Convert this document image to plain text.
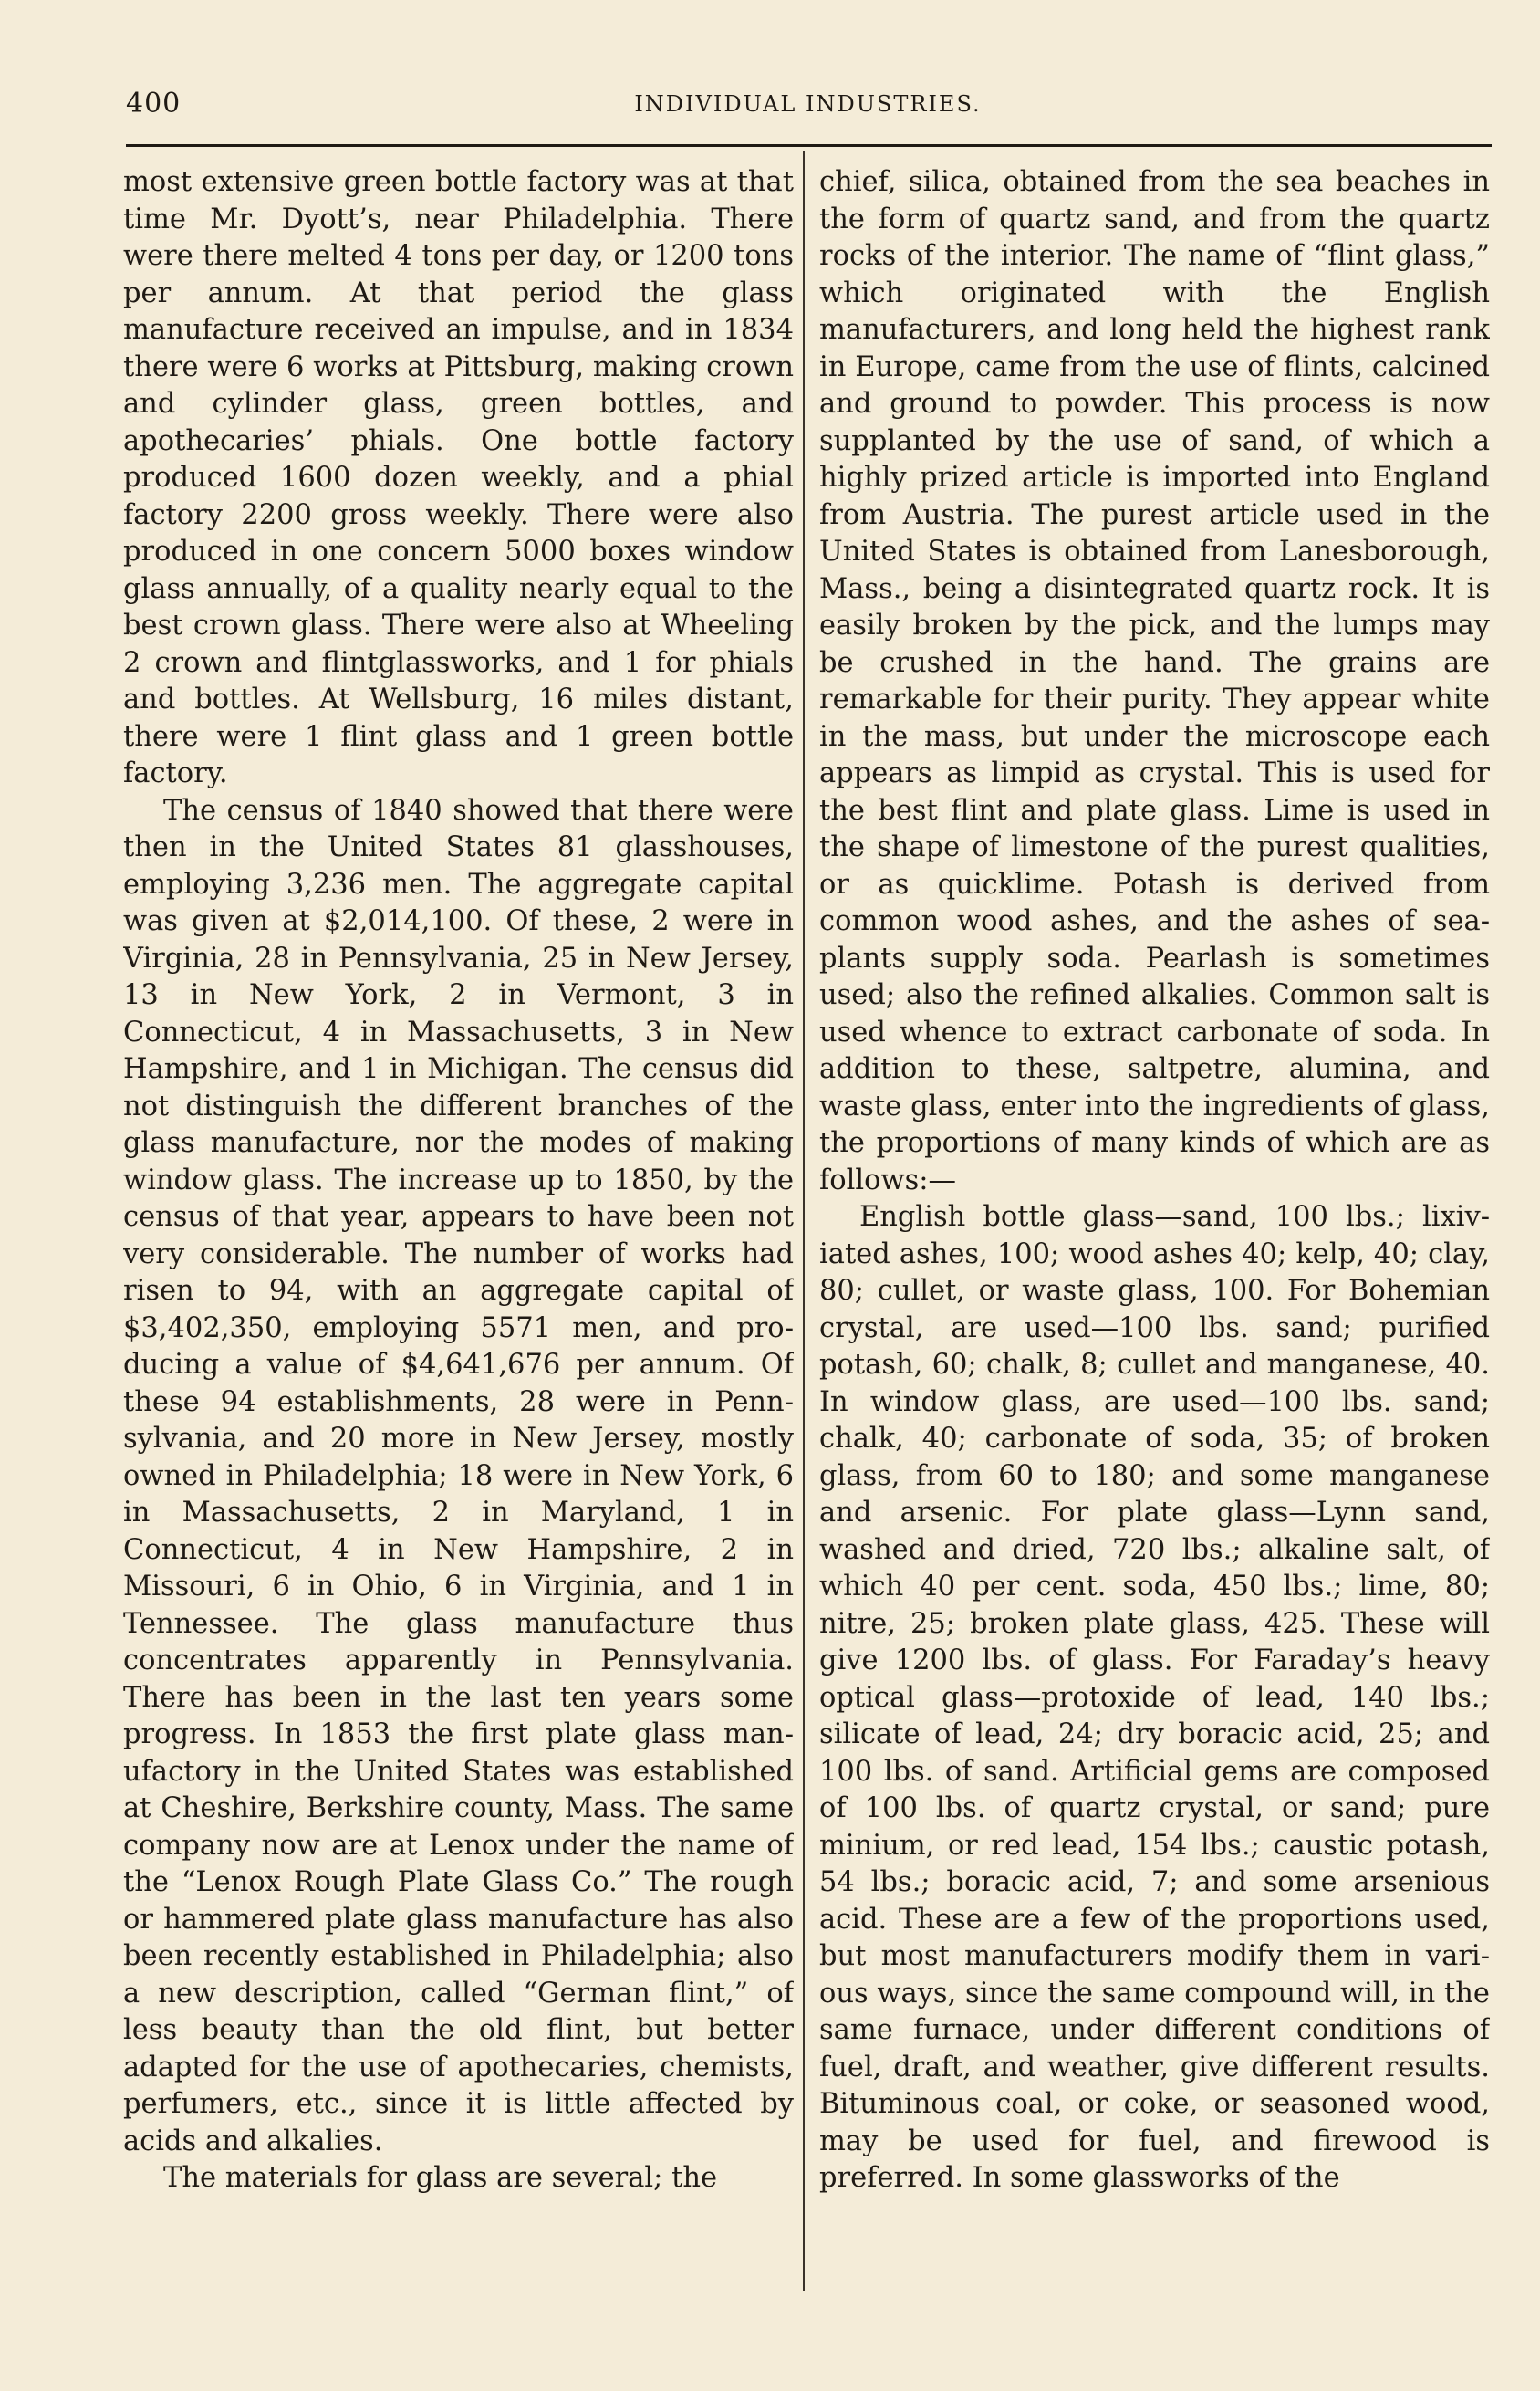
400	INDIVIDUAL INDUSTRIES.

most extensive green bottle factory was at that time Mr. Dyott’s, near Philadelphia. There were there melted 4 tons per day, or 1200 tons per annum. At that period the glass manufacture received an impulse, and in 1834 there were 6 works at Pittsburg, making crown and cylinder glass, green bottles, and apothecaries’ phials. One bottle factory produced 1600 dozen weekly, and a phial factory 2200 gross weekly. There were also produced in one concern 5000 boxes window glass annually, of a quality nearly equal to the best crown glass. There were also at Wheeling 2 crown and flintglassworks, and 1 for phials and bottles. At Wellsburg, 16 miles distant, there were 1 flint glass and 1 green bottle factory.

The census of 1840 showed that there were then in the United States 81 glasshouses, employing 3,236 men. The aggregate capital was given at $2,014,100. Of these, 2 were in Virginia, 28 in Pennsylvania, 25 in New Jersey, 13 in New York, 2 in Vermont, 3 in Connecticut, 4 in Massachusetts, 3 in New Hampshire, and 1 in Michigan. The census did not distinguish the different branches of the glass manufacture, nor the modes of making window glass. The increase up to 1850, by the census of that year, appears to have been not very considerable. The number of works had risen to 94, with an aggregate capital of $3,402,350, employing 5571 men, and producing a value of $4,641,676 per annum. Of these 94 establishments, 28 were in Pennsylvania, and 20 more in New Jersey, mostly owned in Philadelphia; 18 were in New York, 6 in Massachusetts, 2 in Maryland, 1 in Connecticut, 4 in New Hampshire, 2 in Missouri, 6 in Ohio, 6 in Virginia, and 1 in Tennessee. The glass manufacture thus concentrates apparently in Pennsylvania. There has been in the last ten years some progress. In 1853 the first plate glass manufactory in the United States was established at Cheshire, Berkshire county, Mass. The same company now are at Lenox under the name of the “Lenox Rough Plate Glass Co.” The rough or hammered plate glass manufacture has also been recently established in Philadelphia; also a new description, called “German flint,” of less beauty than the old flint, but better adapted for the use of apothecaries, chemists, perfumers, etc., since it is little affected by acids and alkalies.

The materials for glass are several; the

chief, silica, obtained from the sea beaches in the form of quartz sand, and from the quartz rocks of the interior. The name of “flint glass,” which originated with the English manufacturers, and long held the highest rank in Europe, came from the use of flints, calcined and ground to powder. This process is now supplanted by the use of sand, of which a highly prized article is imported into England from Austria. The purest article used in the United States is obtained from Lanesborough, Mass., being a disintegrated quartz rock. It is easily broken by the pick, and the lumps may be crushed in the hand. The grains are remarkable for their purity. They appear white in the mass, but under the microscope each appears as limpid as crystal. This is used for the best flint and plate glass. Lime is used in the shape of limestone of the purest qualities, or as quicklime. Potash is derived from common wood ashes, and the ashes of sea-plants supply soda. Pearlash is sometimes used; also the refined alkalies. Common salt is used whence to extract carbonate of soda. In addition to these, saltpetre, alumina, and waste glass, enter into the ingredients of glass, the proportions of many kinds of which are as follows:—

English bottle glass—sand, 100 lbs.; lixiviated ashes, 100; wood ashes 40; kelp, 40; clay, 80; cullet, or waste glass, 100. For Bohemian crystal, are used—100 lbs. sand; purified potash, 60; chalk, 8; cullet and manganese, 40. In window glass, are used—100 lbs. sand; chalk, 40; carbonate of soda, 35; of broken glass, from 60 to 180; and some manganese and arsenic. For plate glass—Lynn sand, washed and dried, 720 lbs.; alkaline salt, of which 40 per cent. soda, 450 lbs.; lime, 80; nitre, 25; broken plate glass, 425. These will give 1200 lbs. of glass. For Faraday’s heavy optical glass—protoxide of lead, 140 lbs.; silicate of lead, 24; dry boracic acid, 25; and 100 lbs. of sand. Artificial gems are composed of 100 lbs. of quartz crystal, or sand; pure minium, or red lead, 154 lbs.; caustic potash, 54 lbs.; boracic acid, 7; and some arsenious acid. These are a few of the proportions used, but most manufacturers modify them in various ways, since the same compound will, in the same furnace, under different conditions of fuel, draft, and weather, give different results. Bituminous coal, or coke, or seasoned wood, may be used for fuel, and firewood is preferred. In some glassworks of the
